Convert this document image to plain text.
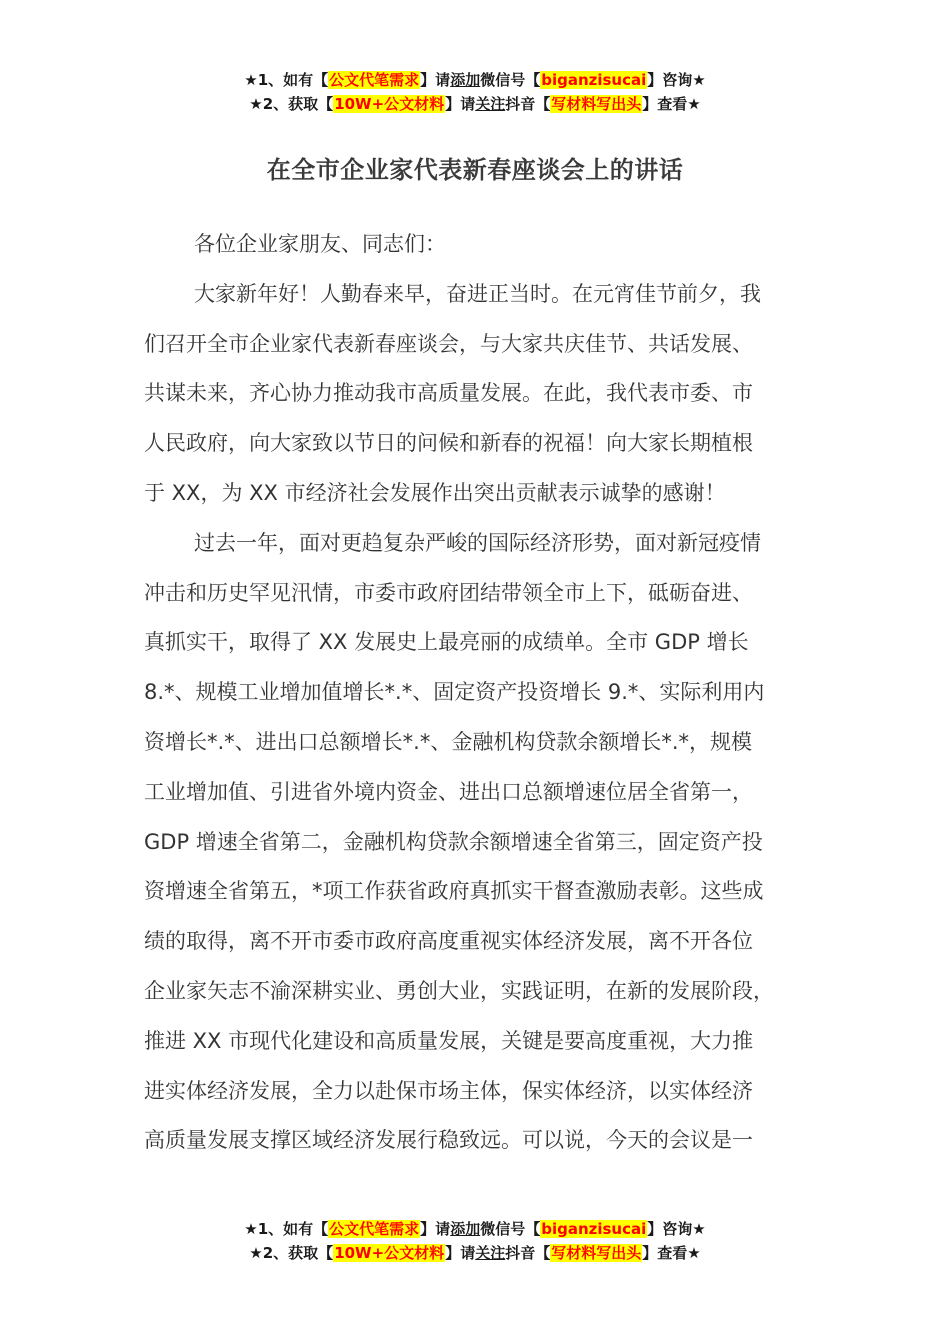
★1、如有【公文代笔需求】请添加微信号【biganzisucai】咨询★
★2、获取【10W+公文材料】请关注抖音【写材料写出头】查看★
在全市企业家代表新春座谈会上的讲话

各位企业家朋友、同志们：

大家新年好！人勤春来早，奋进正当时。在元宵佳节前夕，我
们召开全市企业家代表新春座谈会，与大家共庆佳节、共话发展、
共谋未来，齐心协力推动我市高质量发展。在此，我代表市委、市
人民政府，向大家致以节日的问候和新春的祝福！向大家长期植根
于 XX，为 XX 市经济社会发展作出突出贡献表示诚挚的感谢！

过去一年，面对更趋复杂严峻的国际经济形势，面对新冠疫情
冲击和历史罕见汛情，市委市政府团结带领全市上下，砥砺奋进、
真抓实干，取得了 XX 发展史上最亮丽的成绩单。全市 GDP 增长
8.*、规模工业增加值增长*.*、固定资产投资增长 9.*、实际利用内
资增长*.*、进出口总额增长*.*、金融机构贷款余额增长*.*，规模
工业增加值、引进省外境内资金、进出口总额增速位居全省第一，
GDP 增速全省第二，金融机构贷款余额增速全省第三，固定资产投
资增速全省第五，*项工作获省政府真抓实干督查激励表彰。这些成
绩的取得，离不开市委市政府高度重视实体经济发展，离不开各位
企业家矢志不渝深耕实业、勇创大业，实践证明，在新的发展阶段，
推进 XX 市现代化建设和高质量发展，关键是要高度重视，大力推
进实体经济发展，全力以赴保市场主体，保实体经济，以实体经济
高质量发展支撑区域经济发展行稳致远。可以说，今天的会议是一

★1、如有【公文代笔需求】请添加微信号【biganzisucai】咨询★
★2、获取【10W+公文材料】请关注抖音【写材料写出头】查看★
